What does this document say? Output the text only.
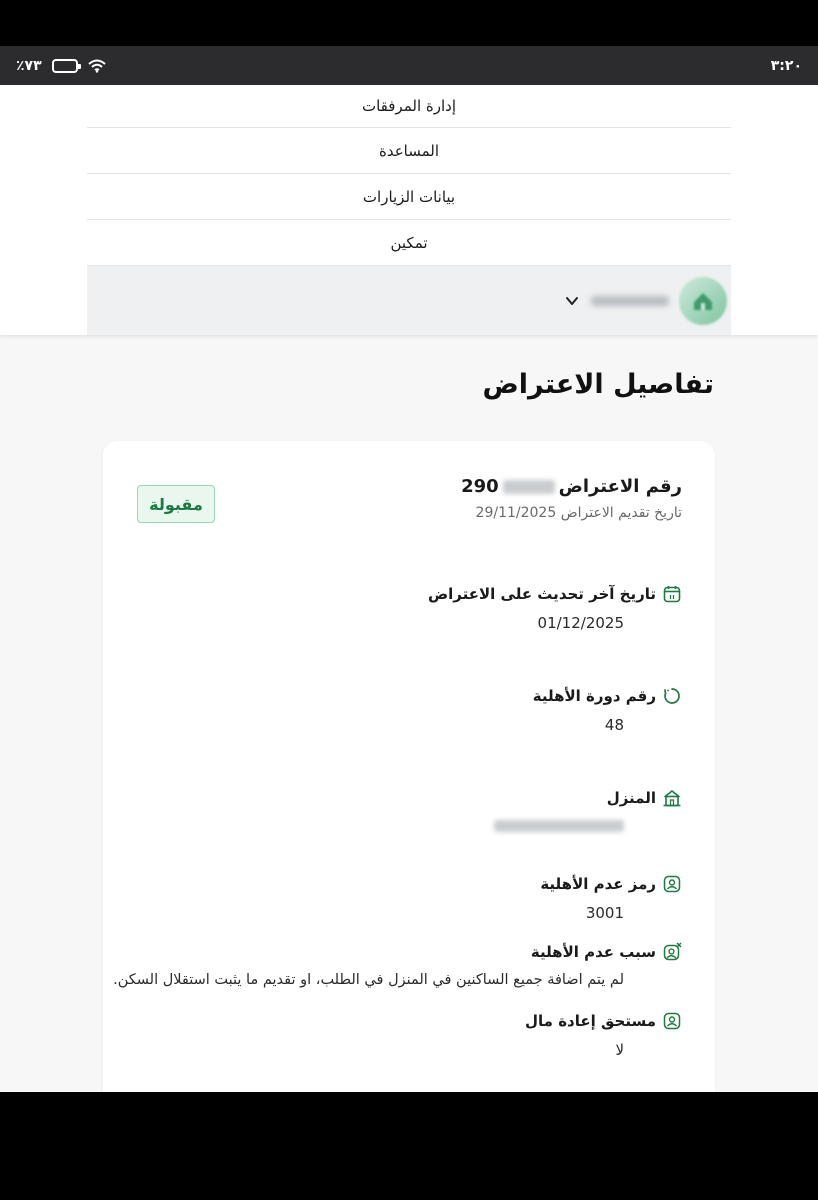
٪٧٣	٣:٢٠
إدارة المرفقات
المساعدة
بيانات الزيارات
تمكين
تفاصيل الاعتراض
رقم الاعتراض
290
تاريخ تقديم الاعتراض 29/11/2025
مقبولة
تاريخ آخر تحديث على الاعتراض
01/12/2025
رقم دورة الأهلية
48
المنزل
رمز عدم الأهلية
3001
سبب عدم الأهلية
لم يتم اضافة جميع الساكنين في المنزل في الطلب، او تقديم ما يثبت استقلال السكن.
مستحق إعادة مال
لا
